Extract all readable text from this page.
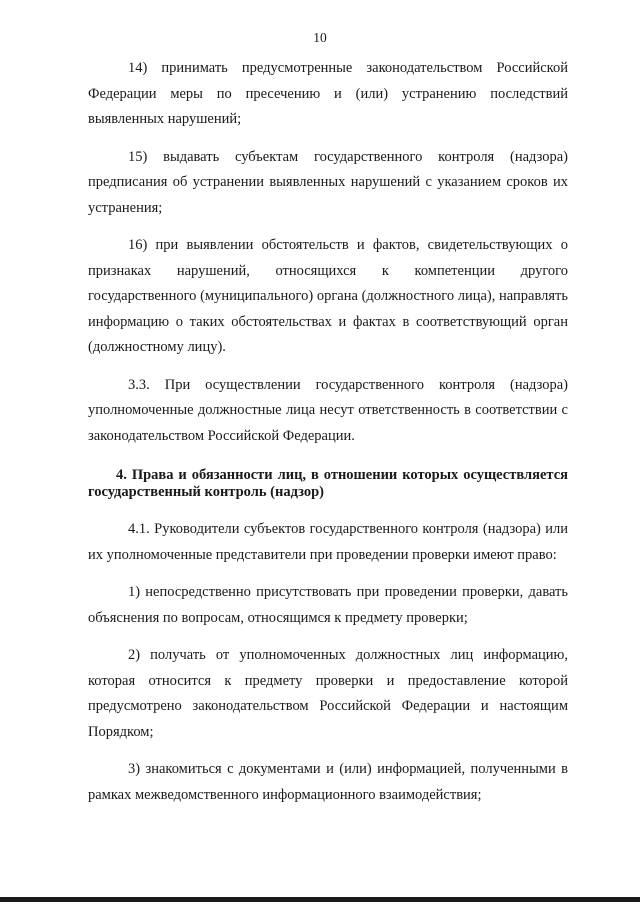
10

14) принимать предусмотренные законодательством Российской Федерации меры по пресечению и (или) устранению последствий выявленных нарушений;

15) выдавать субъектам государственного контроля (надзора) предписания об устранении выявленных нарушений с указанием сроков их устранения;

16) при выявлении обстоятельств и фактов, свидетельствующих о признаках нарушений, относящихся к компетенции другого государственного (муниципального) органа (должностного лица), направлять информацию о таких обстоятельствах и фактах в соответствующий орган (должностному лицу).

3.3. При осуществлении государственного контроля (надзора) уполномоченные должностные лица несут ответственность в соответствии с законодательством Российской Федерации.

4. Права и обязанности лиц, в отношении которых осуществляется государственный контроль (надзор)

4.1. Руководители субъектов государственного контроля (надзора) или их уполномоченные представители при проведении проверки имеют право:

1) непосредственно присутствовать при проведении проверки, давать объяснения по вопросам, относящимся к предмету проверки;

2) получать от уполномоченных должностных лиц информацию, которая относится к предмету проверки и предоставление которой предусмотрено законодательством Российской Федерации и настоящим Порядком;

3) знакомиться с документами и (или) информацией, полученными в рамках межведомственного информационного взаимодействия;
